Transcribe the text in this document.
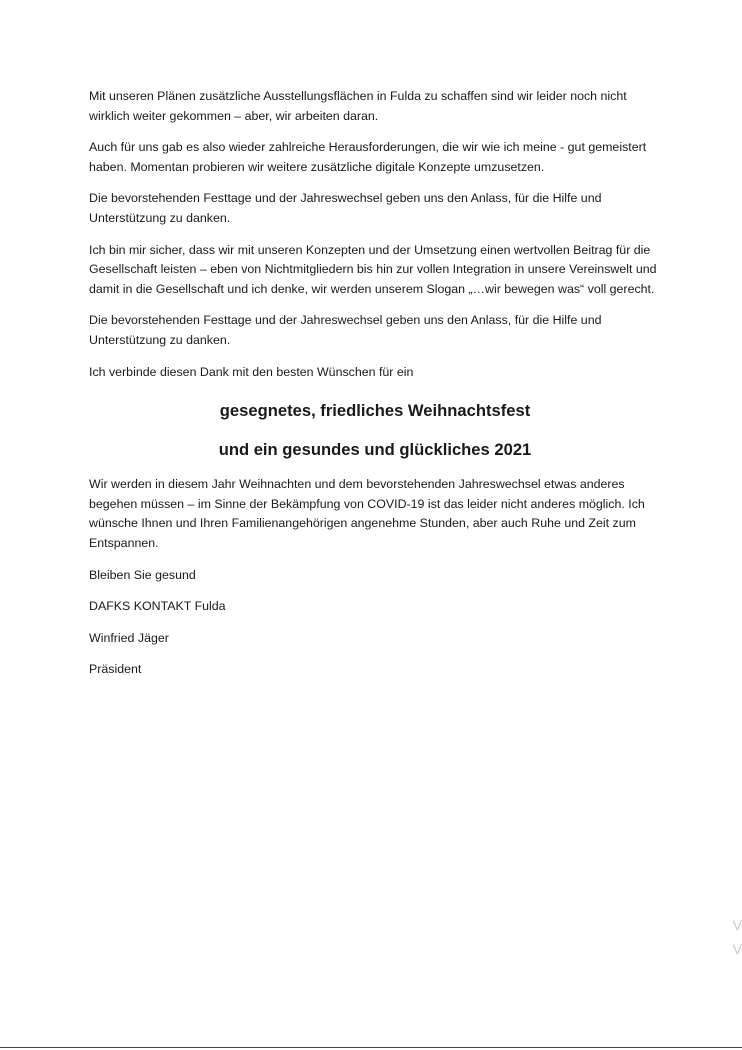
Mit unseren Plänen zusätzliche Ausstellungsflächen in Fulda zu schaffen sind wir leider noch nicht wirklich weiter gekommen – aber, wir arbeiten daran.

Auch für uns gab es also wieder zahlreiche Herausforderungen, die wir wie ich meine - gut gemeistert haben. Momentan probieren wir weitere zusätzliche digitale Konzepte umzusetzen.

Die bevorstehenden Festtage und der Jahreswechsel geben uns den Anlass, für die Hilfe und Unterstützung zu danken.

Ich bin mir sicher, dass wir mit unseren Konzepten und der Umsetzung einen wertvollen Beitrag für die Gesellschaft leisten – eben von Nichtmitgliedern bis hin zur vollen Integration in unsere Vereinswelt und damit in die Gesellschaft und ich denke, wir werden unserem Slogan „…wir bewegen was“ voll gerecht.

Die bevorstehenden Festtage und der Jahreswechsel geben uns den Anlass, für die Hilfe und Unterstützung zu danken.

Ich verbinde diesen Dank mit den besten Wünschen für ein

gesegnetes, friedliches Weihnachtsfest

und ein gesundes und glückliches 2021

Wir werden in diesem Jahr Weihnachten und dem bevorstehenden Jahreswechsel etwas anderes begehen müssen – im Sinne der Bekämpfung von COVID-19 ist das leider nicht anderes möglich. Ich wünsche Ihnen und Ihren Familienangehörigen angenehme Stunden, aber auch Ruhe und Zeit zum Entspannen.

Bleiben Sie gesund

DAFKS KONTAKT Fulda

Winfried Jäger

Präsident

V
V
